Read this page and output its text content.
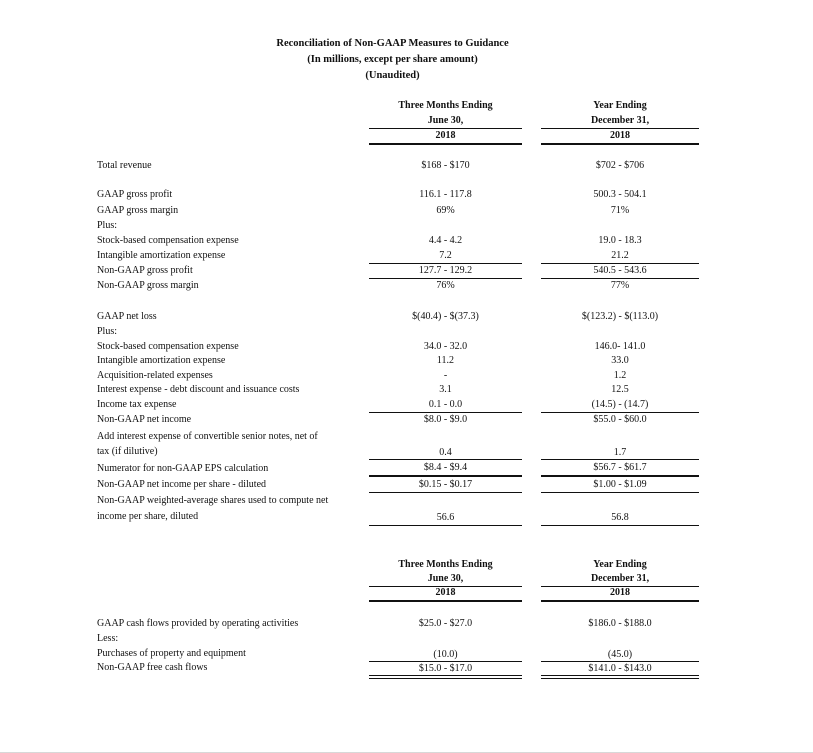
Reconciliation of Non-GAAP Measures to Guidance
(In millions, except per share amount)
(Unaudited)
Three Months Ending
June 30,
2018
Year Ending
December 31,
2018
Total revenue	$168 - $170	$702 - $706
GAAP gross profit	116.1 - 117.8	500.3 - 504.1
GAAP gross margin	69%	71%
Plus:
Stock-based compensation expense	4.4 - 4.2	19.0 - 18.3
Intangible amortization expense	7.2	21.2
Non-GAAP gross profit	127.7 - 129.2	540.5 - 543.6
Non-GAAP gross margin	76%	77%
GAAP net loss	$(40.4) - $(37.3)	$(123.2) - $(113.0)
Plus:
Stock-based compensation expense	34.0 - 32.0	146.0- 141.0
Intangible amortization expense	11.2	33.0
Acquisition-related expenses	-	1.2
Interest expense - debt discount and issuance costs	3.1	12.5
Income tax expense	0.1 - 0.0	(14.5) - (14.7)
Non-GAAP net income	$8.0 - $9.0	$55.0 - $60.0
Add interest expense of convertible senior notes, net of
tax (if dilutive)	0.4	1.7
Numerator for non-GAAP EPS calculation	$8.4 - $9.4	$56.7 - $61.7
Non-GAAP net income per share - diluted	$0.15 - $0.17	$1.00 - $1.09
Non-GAAP weighted-average shares used to compute net
income per share, diluted	56.6	56.8
Three Months Ending
June 30,
2018
Year Ending
December 31,
2018
GAAP cash flows provided by operating activities	$25.0 - $27.0	$186.0 - $188.0
Less:
Purchases of property and equipment	(10.0)	(45.0)
Non-GAAP free cash flows	$15.0 - $17.0	$141.0 - $143.0
